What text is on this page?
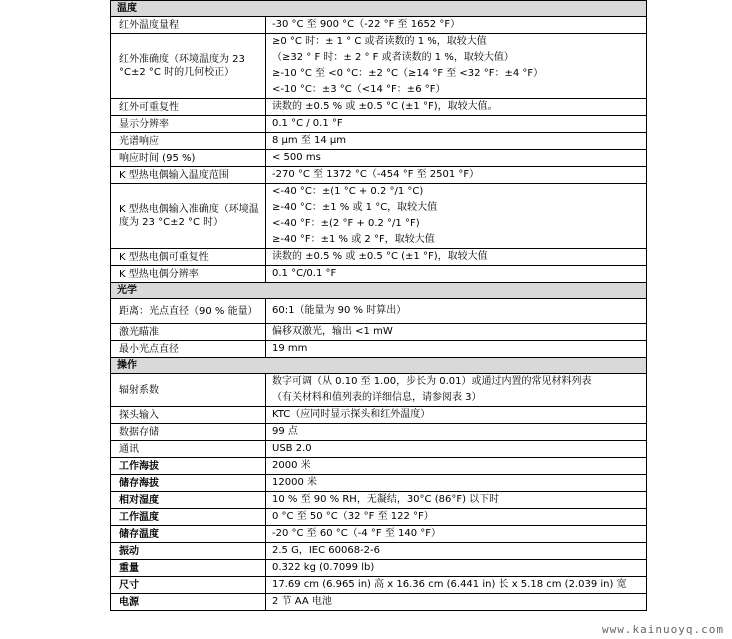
温度	
红外温度量程	-30 °C 至 900 °C（-22 °F 至 1652 °F）

红外准确度（环境温度为 23 °C±2 °C 时的几何校正）	≥0 °C 时：± 1 ° C 或者读数的 1 %，取较大值
（≥32 ° F 时：± 2 ° F 或者读数的 1 %，取较大值）
≥-10 °C 至 <0 °C：±2 °C（≥14 °F 至 <32 °F：±4 °F）
<-10 °C：±3 °C（<14 °F：±6 °F）

红外可重复性	读数的 ±0.5 % 或 ±0.5 °C (±1 °F)，取较大值。

显示分辨率	0.1 °C / 0.1 °F

光谱响应	8 µm 至 14 µm

响应时间 (95 %)	< 500 ms

K 型热电偶输入温度范围	-270 °C 至 1372 °C（-454 °F 至 2501 °F）

K 型热电偶输入准确度（环境温度为 23 °C±2 °C 时）	<-40 °C：±(1 °C + 0.2 °/1 °C)
≥-40 °C：±1 % 或 1 °C，取较大值
<-40 °F：±(2 °F + 0.2 °/1 °F)
≥-40 °F：±1 % 或 2 °F，取较大值

K 型热电偶可重复性	读数的 ±0.5 % 或 ±0.5 °C (±1 °F)，取较大值

K 型热电偶分辨率	0.1 °C/0.1 °F

光学	
距离：光点直径（90 % 能量）	60:1（能量为 90 % 时算出）

激光瞄准	偏移双激光，输出 <1 mW

最小光点直径	19 mm

操作	
辐射系数	数字可调（从 0.10 至 1.00，步长为 0.01）或通过内置的常见材料列表
（有关材料和值列表的详细信息，请参阅表 3）

探头输入	KTC（应同时显示探头和红外温度）

数据存储	99 点

通讯	USB 2.0

工作海拔	2000 米

储存海拔	12000 米

相对湿度	10 % 至 90 % RH，无凝结，30°C (86°F) 以下时

工作温度	0 °C 至 50 °C（32 °F 至 122 °F）

储存温度	-20 °C 至 60 °C（-4 °F 至 140 °F）

振动	2.5 G，IEC 60068-2-6

重量	0.322 kg (0.7099 lb)

尺寸	17.69 cm (6.965 in) 高 x 16.36 cm (6.441 in) 长 x 5.18 cm (2.039 in) 宽

电源	2 节 AA 电池
www.kainuoyq.com
